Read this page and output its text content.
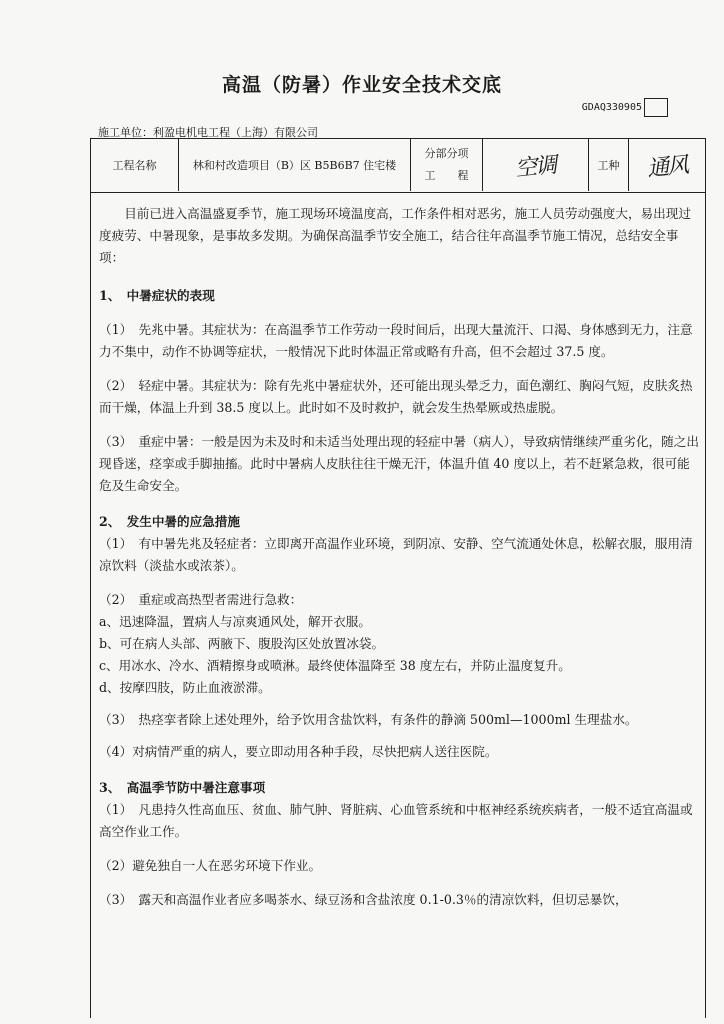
高温（防暑）作业安全技术交底
GDAQ330905
施工单位：利盈电机电工程（上海）有限公司
工程名称	林和村改造项目（B）区 B5B6B7 住宅楼
分部分项
工　　程 空调	工种	通风

目前已进入高温盛夏季节，施工现场环境温度高，工作条件相对恶劣，施工人员劳动强度大，易出现过度疲劳、中暑现象，是事故多发期。为确保高温季节安全施工，结合往年高温季节施工情况，总结安全事项：

1、　中暑症状的表现

（1）　先兆中暑。其症状为：在高温季节工作劳动一段时间后，出现大量流汗、口渴、身体感到无力，注意力不集中，动作不协调等症状，一般情况下此时体温正常或略有升高，但不会超过 37.5 度。

（2）　轻症中暑。其症状为：除有先兆中暑症状外，还可能出现头晕乏力，面色潮红、胸闷气短，皮肤炙热而干燥，体温上升到 38.5 度以上。此时如不及时救护，就会发生热晕厥或热虚脱。

（3）　重症中暑：一般是因为未及时和未适当处理出现的轻症中暑（病人），导致病情继续严重劣化，随之出现昏迷，痉挛或手脚抽搐。此时中暑病人皮肤往往干燥无汗，体温升值 40 度以上，若不赶紧急救，很可能危及生命安全。

2、　发生中暑的应急措施

（1）　有中暑先兆及轻症者：立即离开高温作业环境，到阴凉、安静、空气流通处休息，松解衣服，服用清凉饮料（淡盐水或浓茶）。

（2）　重症或高热型者需进行急救：

a、迅速降温，置病人与凉爽通风处，解开衣服。

b、可在病人头部、两腋下、腹股沟区处放置冰袋。

c、用冰水、冷水、酒精擦身或喷淋。最终使体温降至 38 度左右，并防止温度复升。

d、按摩四肢，防止血液淤滞。

（3）　热痉挛者除上述处理外，给予饮用含盐饮料，有条件的静滴 500ml—1000ml 生理盐水。

（4）对病情严重的病人，要立即动用各种手段，尽快把病人送往医院。

3、　高温季节防中暑注意事项

（1）　凡患持久性高血压、贫血、肺气肿、肾脏病、心血管系统和中枢神经系统疾病者，一般不适宜高温或高空作业工作。

（2）避免独自一人在恶劣环境下作业。

（3）　露天和高温作业者应多喝茶水、绿豆汤和含盐浓度 0.1-0.3％的清凉饮料，但切忌暴饮，
